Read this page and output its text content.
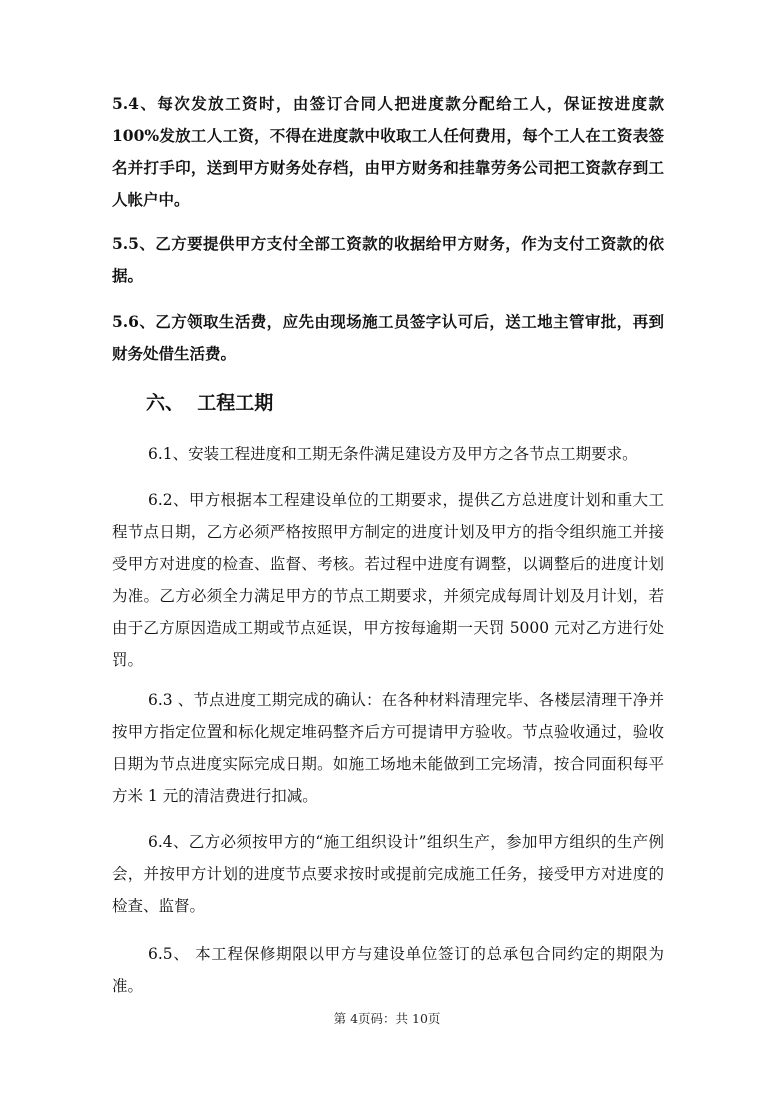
5.4、每次发放工资时，由签订合同人把进度款分配给工人，保证按进度款100%发放工人工资，不得在进度款中收取工人任何费用，每个工人在工资表签名并打手印，送到甲方财务处存档，由甲方财务和挂靠劳务公司把工资款存到工人帐户中。

5.5、乙方要提供甲方支付全部工资款的收据给甲方财务，作为支付工资款的依据。

5.6、乙方领取生活费，应先由现场施工员签字认可后，送工地主管审批，再到财务处借生活费。

六、  工程工期

6.1、安装工程进度和工期无条件满足建设方及甲方之各节点工期要求。

6.2、甲方根据本工程建设单位的工期要求，提供乙方总进度计划和重大工程节点日期，乙方必须严格按照甲方制定的进度计划及甲方的指令组织施工并接受甲方对进度的检查、监督、考核。若过程中进度有调整，以调整后的进度计划为准。乙方必须全力满足甲方的节点工期要求，并须完成每周计划及月计划，若由于乙方原因造成工期或节点延误，甲方按每逾期一天罚 5000 元对乙方进行处罚。

6.3 、节点进度工期完成的确认：在各种材料清理完毕、各楼层清理干净并按甲方指定位置和标化规定堆码整齐后方可提请甲方验收。节点验收通过，验收日期为节点进度实际完成日期。如施工场地未能做到工完场清，按合同面积每平方米 1 元的清洁费进行扣减。

6.4、乙方必须按甲方的“施工组织设计”组织生产，参加甲方组织的生产例会，并按甲方计划的进度节点要求按时或提前完成施工任务，接受甲方对进度的检查、监督。

6.5、 本工程保修期限以甲方与建设单位签订的总承包合同约定的期限为准。

第 4页码：共 10页
